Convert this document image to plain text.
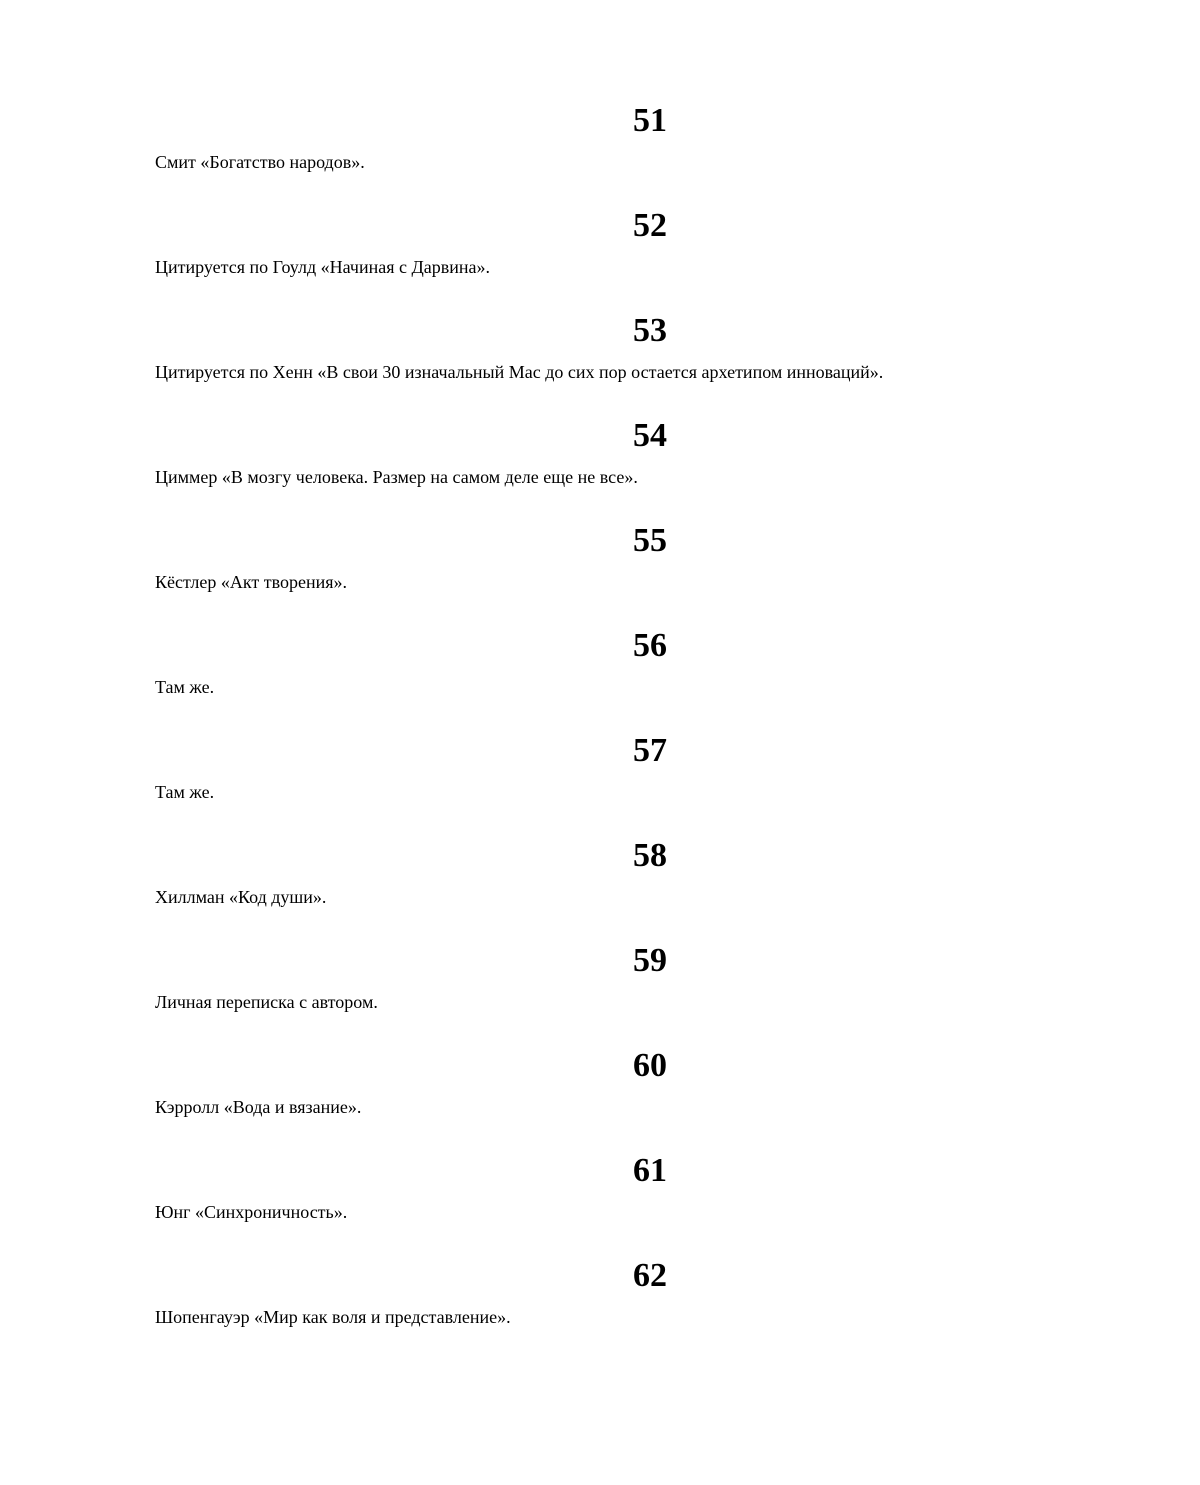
51
Смит «Богатство народов».
52
Цитируется по Гоулд «Начиная с Дарвина».
53
Цитируется по Хенн «В свои 30 изначальный Мас до сих пор остается архетипом инноваций».
54
Циммер «В мозгу человека. Размер на самом деле еще не все».
55
Кёстлер «Акт творения».
56
Там же.
57
Там же.
58
Хиллман «Код души».
59
Личная переписка с автором.
60
Кэрролл «Вода и вязание».
61
Юнг «Синхроничность».
62
Шопенгауэр «Мир как воля и представление».
